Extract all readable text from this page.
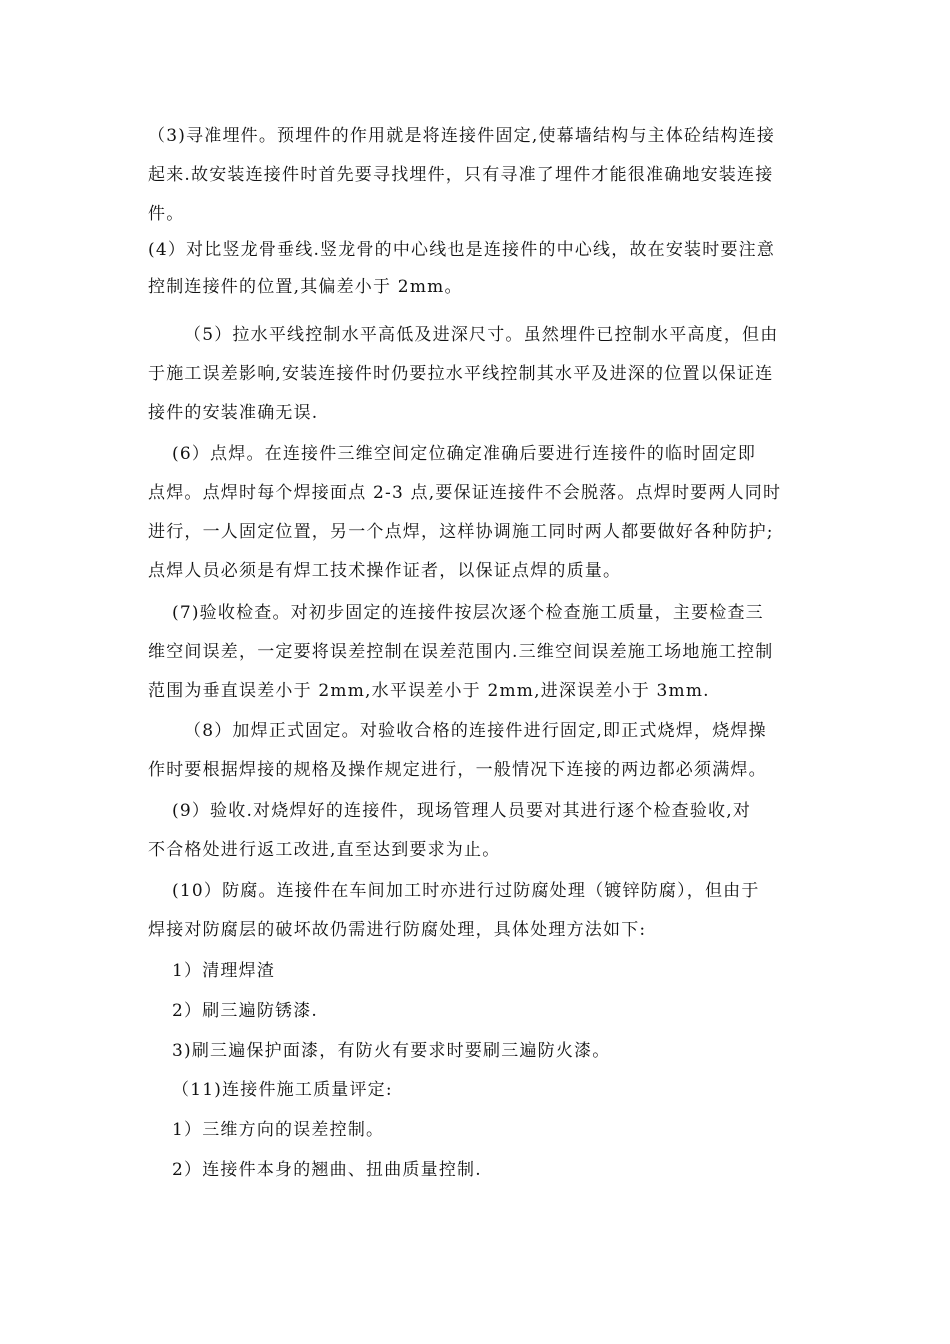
（3)寻准埋件。预埋件的作用就是将连接件固定,使幕墙结构与主体砼结构连接
起来.故安装连接件时首先要寻找埋件，只有寻准了埋件才能很准确地安装连接
件。
(4）对比竖龙骨垂线.竖龙骨的中心线也是连接件的中心线，故在安装时要注意
控制连接件的位置,其偏差小于 2mm。
（5）拉水平线控制水平高低及进深尺寸。虽然埋件已控制水平高度，但由
于施工误差影响,安装连接件时仍要拉水平线控制其水平及进深的位置以保证连
接件的安装准确无误.
(6）点焊。在连接件三维空间定位确定准确后要进行连接件的临时固定即
点焊。点焊时每个焊接面点 2-3 点,要保证连接件不会脱落。点焊时要两人同时
进行，一人固定位置，另一个点焊，这样协调施工同时两人都要做好各种防护;
点焊人员必须是有焊工技术操作证者，以保证点焊的质量。
(7)验收检查。对初步固定的连接件按层次逐个检查施工质量，主要检查三
维空间误差，一定要将误差控制在误差范围内.三维空间误差施工场地施工控制
范围为垂直误差小于 2mm,水平误差小于 2mm,进深误差小于 3mm.
（8）加焊正式固定。对验收合格的连接件进行固定,即正式烧焊，烧焊操
作时要根据焊接的规格及操作规定进行，一般情况下连接的两边都必须满焊。
(9）验收.对烧焊好的连接件，现场管理人员要对其进行逐个检查验收,对
不合格处进行返工改进,直至达到要求为止。
(10）防腐。连接件在车间加工时亦进行过防腐处理（镀锌防腐），但由于
焊接对防腐层的破坏故仍需进行防腐处理，具体处理方法如下:
1）清理焊渣
2）刷三遍防锈漆.
3)刷三遍保护面漆，有防火有要求时要刷三遍防火漆。
（11)连接件施工质量评定:
1）三维方向的误差控制。
2）连接件本身的翘曲、扭曲质量控制.
